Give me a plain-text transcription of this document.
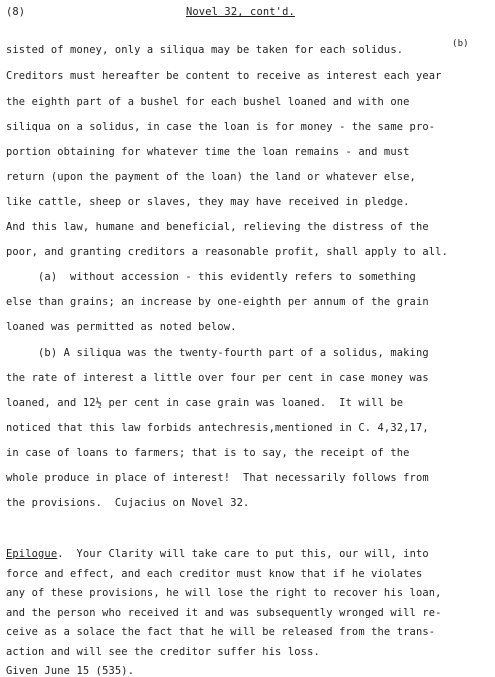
(8)	Novel 32, cont'd.
(b)
sisted of money, only a siliqua may be taken for each solidus.
Creditors must hereafter be content to receive as interest each year
the eighth part of a bushel for each bushel loaned and with one
siliqua on a solidus, in case the loan is for money - the same pro-
portion obtaining for whatever time the loan remains - and must
return (upon the payment of the loan) the land or whatever else,
like cattle, sheep or slaves, they may have received in pledge.
And this law, humane and beneficial, relieving the distress of the
poor, and granting creditors a reasonable profit, shall apply to all.
(a)  without accession - this evidently refers to something
else than grains; an increase by one-eighth per annum of the grain
loaned was permitted as noted below.
(b) A siliqua was the twenty-fourth part of a solidus, making
the rate of interest a little over four per cent in case money was
loaned, and 12½ per cent in case grain was loaned.  It will be
noticed that this law forbids antechresis,mentioned in C. 4,32,17,
in case of loans to farmers; that is to say, the receipt of the
whole produce in place of interest!  That necessarily follows from
the provisions.  Cujacius on Novel 32.
Epilogue.  Your Clarity will take care to put this, our will, into
force and effect, and each creditor must know that if he violates
any of these provisions, he will lose the right to recover his loan,
and the person who received it and was subsequently wronged will re-
ceive as a solace the fact that he will be released from the trans-
action and will see the creditor suffer his loss.
Given June 15 (535).
